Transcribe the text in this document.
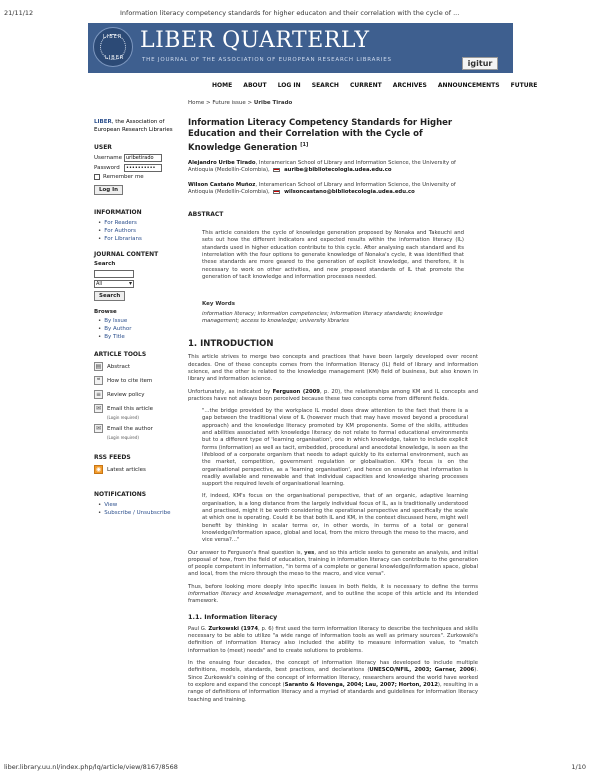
21/11/12	Information literacy competency standards for higher educaton and their correlation with the cycle of ...
LIBER
LIBER
LIBER QUARTERLY
THE JOURNAL OF THE ASSOCIATION OF EUROPEAN RESEARCH LIBRARIES	igitur
HOME ABOUT LOG IN SEARCH CURRENT ARCHIVES ANNOUNCEMENTS FUTURE
Home > Future issue > Uribe Tirado
LIBER, the Association of European Research Libraries
USER
Username
uribetirado
Password
••••••••••
Remember me
Log In
INFORMATION
• For Readers
• For Authors
• For Librarians
JOURNAL CONTENT
Search
All ▾
Search
Browse
• By Issue
• By Author
• By Title
ARTICLE TOOLS
▤	Abstract
❝	How to cite item
≡	Review policy
✉	Email this article
(Login required)
✉	Email the author
(Login required)
RSS FEEDS
◉	Latest articles
NOTIFICATIONS
• View
• Subscribe / Unsubscribe
Information Literacy Competency Standards for Higher Education and their Correlation with the Cycle of Knowledge Generation [1]
Alejandro Uribe Tirado, Interamerican School of Library and Information Science, the University of Antioquia (Medellín-Colombia),	auribe@bibliotecologia.udea.edu.co
Wilson Castaño Muñoz, Interamerican School of Library and Information Science, the University of Antioquia (Medellín-Colombia),	wilsoncastano@bibliotecologia.udea.edu.co
ABSTRACT
This article considers the cycle of knowledge generation proposed by Nonaka and Takeuchi and sets out how the different indicators and expected results within the information literacy (IL) standards used in higher education contribute to this cycle. After analysing each standard and its interrelation with the four options to generate knowledge of Nonaka's cycle, it was identified that these standards are more geared to the generation of explicit knowledge, and therefore, it is necessary to work on other activities, and new proposed standards of IL that promote the generation of tacit knowledge and information processes needed.
Key Words
information literacy; information competencies; information literacy standards; knowledge management; access to knowledge; university libraries
1. INTRODUCTION

This article strives to merge two concepts and practices that have been largely developed over recent decades. One of these concepts comes from the information literacy (IL) field of library and information science, and the other is related to the knowledge management (KM) field of business, but also known in library and information science.

Unfortunately, as indicated by Ferguson (2009, p. 20), the relationships among KM and IL concepts and practices have not always been perceived because these two concepts come from different fields.

"...the bridge provided by the workplace IL model does draw attention to the fact that there is a gap between the traditional view of IL (however much that may have moved beyond a procedural approach) and the knowledge literacy promoted by KM proponents. Some of the skills, attitudes and abilities associated with knowledge literacy do not relate to formal educational environments but to a different type of 'learning organisation', one in which knowledge, taken to include explicit forms (information) as well as tacit, embedded, procedural and anecdotal knowledge, is seen as the lifeblood of a corporate organism that needs to adapt quickly to its external environment, such as the market, competition, government regulation or globalisation. KM's focus is on the organisational perspective, as a 'learning organisation', and hence on ensuring that information is readily available and renewable and that individual capacities and knowledge sharing processes support the required levels of organisational learning.
If, indeed, KM's focus on the organisational perspective, that of an organic, adaptive learning organisation, is a long distance from the largely individual focus of IL, as is traditionally understood and practised, might it be worth considering the operational perspective and specifically the scale at which one is operating. Could it be that both IL and KM, in the context discussed here, might well benefit by thinking in scalar terms or, in other words, in terms of a total or general knowledge/information space, global and local, from the micro through the meso to the macro, and vice versa?..."

Our answer to Ferguson's final question is, yes, and so this article seeks to generate an analysis, and initial proposal of how, from the field of education, training in information literacy can contribute to the generation of people competent in information, "in terms of a complete or general knowledge/information space, global and local, from the micro through the meso to the macro, and vice versa".

Thus, before looking more deeply into specific issues in both fields, it is necessary to define the terms information literacy and knowledge management, and to outline the scope of this article and its intended framework.

1.1. Information literacy

Paul G. Zurkowski (1974, p. 6) first used the term information literacy to describe the techniques and skills necessary to be able to utilize "a wide range of information tools as well as primary sources". Zurkowski's definition of information literacy also included the ability to measure information value, to "match information to (meet) needs" and to create solutions to problems.

In the ensuing four decades, the concept of information literacy has developed to include multiple definitions, models, standards, best practices, and declarations (UNESCO/NFIL, 2003; Garner, 2006). Since Zurkowski's coining of the concept of information literacy, researchers around the world have worked to explore and expand the concept (Saranto & Hovenga, 2004; Lau, 2007; Horton, 2012), resulting in a range of definitions of information literacy and a myriad of standards and guidelines for information literacy teaching and training.

liber.library.uu.nl/index.php/lq/article/view/8167/8568	1/10
